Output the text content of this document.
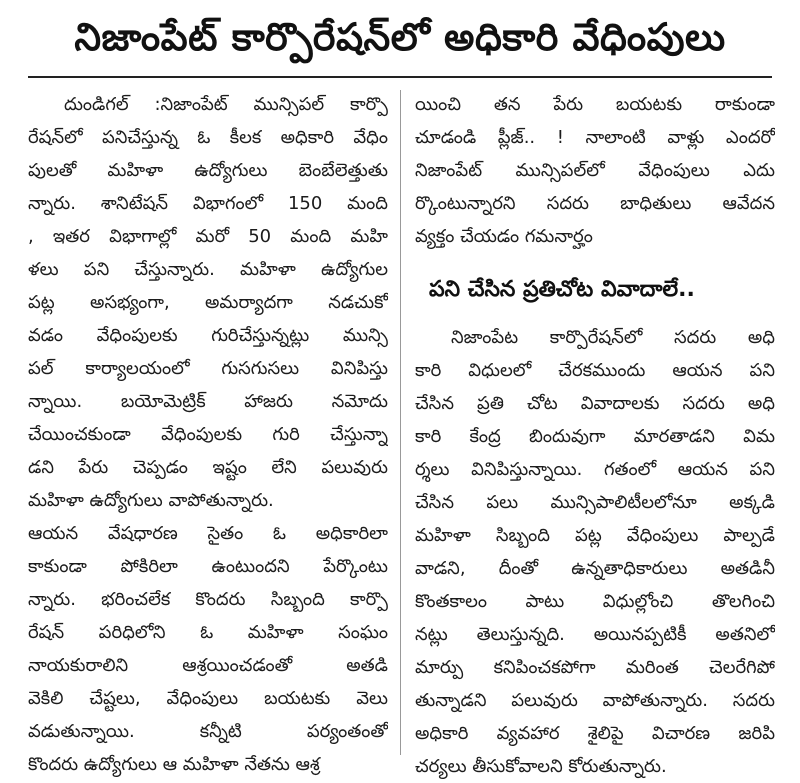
నిజాంపేట్ కార్పొరేషన్‌లో అధికారి వేధింపులు
దుండిగల్ :నిజాంపేట్ మున్సిపల్ కార్పొ
రేషన్‌లో పనిచేస్తున్న ఓ కీలక అధికారి వేధిం
పులతో మహిళా ఉద్యోగులు బెంబేలెత్తుతు
న్నారు. శానిటేషన్ విభాగంలో 150 మంది
, ఇతర విభాగాల్లో మరో 50 మంది మహి
ళలు పని చేస్తున్నారు. మహిళా ఉద్యోగుల
పట్ల అసభ్యంగా, అమర్యాదగా నడచుకో
వడం వేధింపులకు గురిచేస్తున్నట్లు మున్సి
పల్ కార్యాలయంలో గుసగుసలు వినిపిస్తు
న్నాయి. బయోమెట్రిక్ హాజరు నమోదు
చేయించకుండా వేధింపులకు గురి చేస్తున్నా
డని పేరు చెప్పడం ఇష్టం లేని పలువురు
మహిళా ఉద్యోగులు వాపోతున్నారు.
ఆయన వేషధారణ సైతం ఓ అధికారిలా
కాకుండా పోకిరిలా ఉంటుందని పేర్కొంటు
న్నారు. భరించలేక కొందరు సిబ్బంది కార్పొ
రేషన్ పరిధిలోని ఓ మహిళా సంఘం
నాయకురాలిని ఆశ్రయించడంతో అతడి
వెకిలి చేష్టలు, వేధింపులు బయటకు వెలు
వడుతున్నాయి. కన్నీటి పర్యంతంతో
కొందరు ఉద్యోగులు ఆ మహిళా నేతను ఆశ్ర
యించి తన పేరు బయటకు రాకుండా
చూడండి ప్లీజ్.. ! నాలాంటి వాళ్లు ఎందరో
నిజాంపేట్ మున్సిపల్‌లో వేధింపులు ఎదు
ర్కొంటున్నారని సదరు బాధితులు ఆవేదన
వ్యక్తం చేయడం గమనార్హం
పని చేసిన ప్రతిచోట వివాదాలే..
నిజాంపేట కార్పొరేషన్‌లో సదరు అధి
కారి విధులలో చేరకముందు ఆయన పని
చేసిన ప్రతి చోట వివాదాలకు సదరు అధి
కారి కేంద్ర బిందువుగా మారతాడని విమ
ర్శలు వినిపిస్తున్నాయి. గతంలో ఆయన పని
చేసిన పలు మున్సిపాలిటీలలోనూ అక్కడి
మహిళా సిబ్బంది పట్ల వేధింపులు పాల్పడే
వాడని, దీంతో ఉన్నతాధికారులు అతడినీ
కొంతకాలం పాటు విధుల్లోంచి తొలగించి
నట్లు తెలుస్తున్నది. అయినప్పటికీ అతనిలో
మార్పు కనిపించకపోగా మరింత చెలరేగిపో
తున్నాడని పలువురు వాపోతున్నారు. సదరు
అధికారి వ్యవహార శైలిపై విచారణ జరిపి
చర్యలు తీసుకోవాలని కోరుతున్నారు.
